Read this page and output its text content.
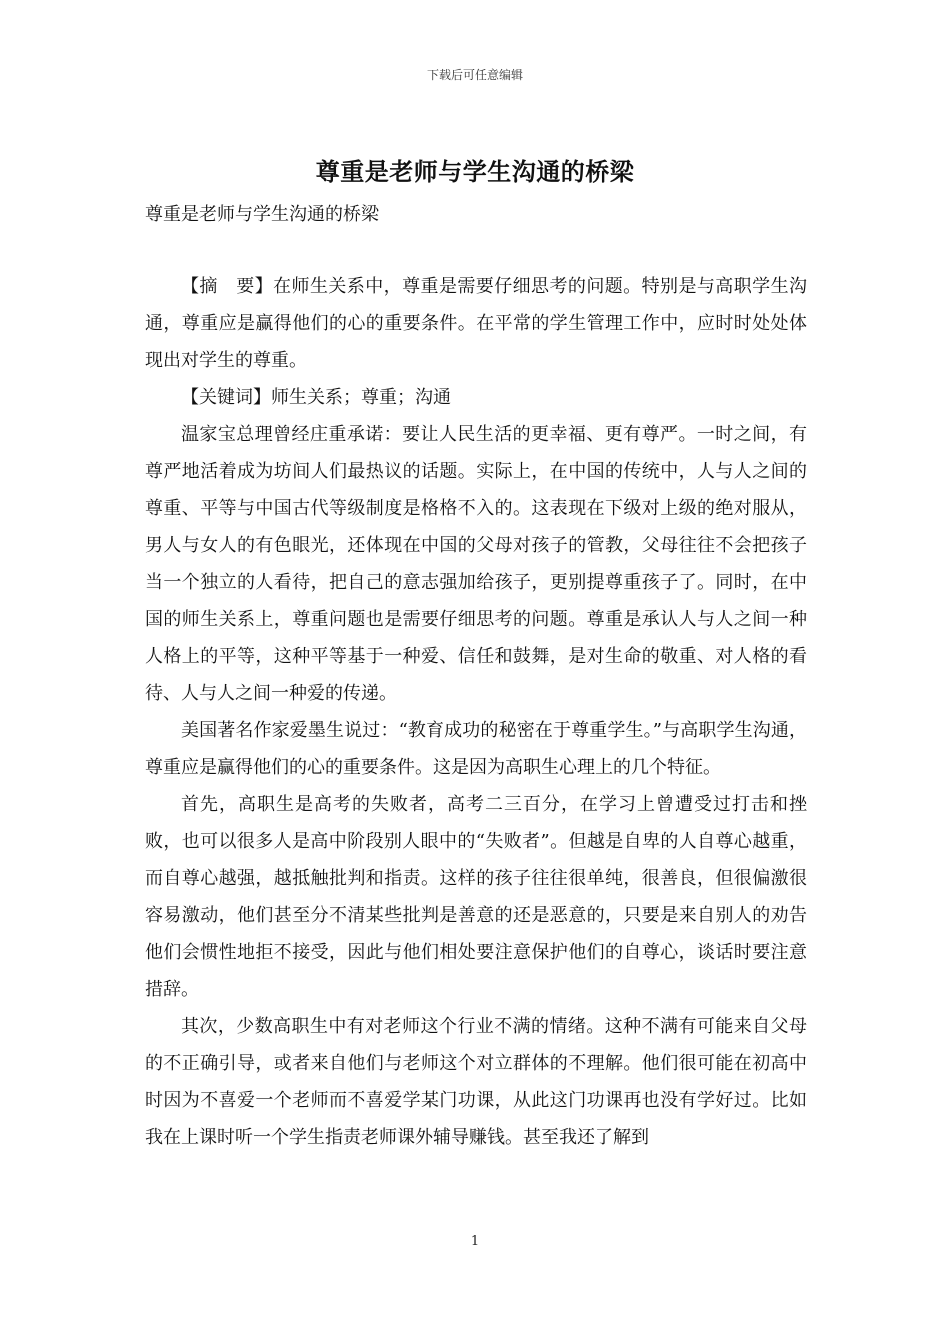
下载后可任意编辑
尊重是老师与学生沟通的桥梁
尊重是老师与学生沟通的桥梁

【摘　要】在师生关系中，尊重是需要仔细思考的问题。特别是与高职学生沟通，尊重应是赢得他们的心的重要条件。在平常的学生管理工作中，应时时处处体现出对学生的尊重。

【关键词】师生关系；尊重；沟通

温家宝总理曾经庄重承诺：要让人民生活的更幸福、更有尊严。一时之间，有尊严地活着成为坊间人们最热议的话题。实际上，在中国的传统中，人与人之间的尊重、平等与中国古代等级制度是格格不入的。这表现在下级对上级的绝对服从，男人与女人的有色眼光，还体现在中国的父母对孩子的管教，父母往往不会把孩子当一个独立的人看待，把自己的意志强加给孩子，更别提尊重孩子了。同时，在中国的师生关系上，尊重问题也是需要仔细思考的问题。尊重是承认人与人之间一种人格上的平等，这种平等基于一种爱、信任和鼓舞，是对生命的敬重、对人格的看待、人与人之间一种爱的传递。

美国著名作家爱墨生说过：“教育成功的秘密在于尊重学生。”与高职学生沟通，尊重应是赢得他们的心的重要条件。这是因为高职生心理上的几个特征。

首先，高职生是高考的失败者，高考二三百分，在学习上曾遭受过打击和挫败，也可以很多人是高中阶段别人眼中的“失败者”。但越是自卑的人自尊心越重，而自尊心越强，越抵触批判和指责。这样的孩子往往很单纯，很善良，但很偏激很容易激动，他们甚至分不清某些批判是善意的还是恶意的，只要是来自别人的劝告他们会惯性地拒不接受，因此与他们相处要注意保护他们的自尊心，谈话时要注意措辞。

其次，少数高职生中有对老师这个行业不满的情绪。这种不满有可能来自父母的不正确引导，或者来自他们与老师这个对立群体的不理解。他们很可能在初高中时因为不喜爱一个老师而不喜爱学某门功课，从此这门功课再也没有学好过。比如我在上课时听一个学生指责老师课外辅导赚钱。甚至我还了解到

1
